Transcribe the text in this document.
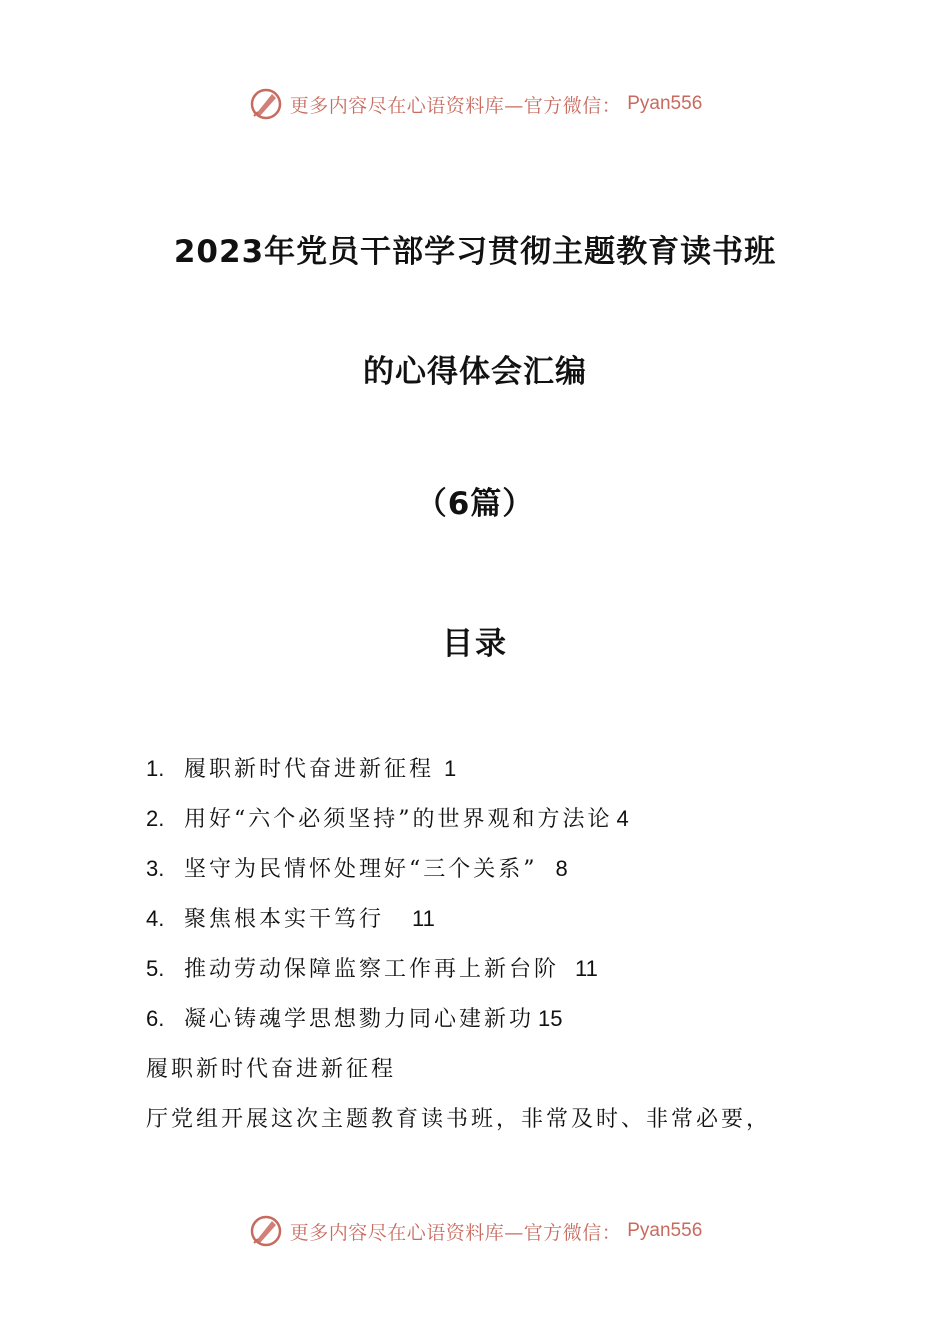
更多内容尽在心语资料库—官方微信： Pyan556
2023年党员干部学习贯彻主题教育读书班
的心得体会汇编
（6篇）
目录
1. 履职新时代奋进新征程 1
2. 用好“六个必须坚持”的世界观和方法论 4
3. 坚守为民情怀处理好“三个关系” 8
4. 聚焦根本实干笃行 11
5. 推动劳动保障监察工作再上新台阶 11
6. 凝心铸魂学思想勠力同心建新功 15
履职新时代奋进新征程
厅党组开展这次主题教育读书班，非常及时、非常必要，
更多内容尽在心语资料库—官方微信： Pyan556
